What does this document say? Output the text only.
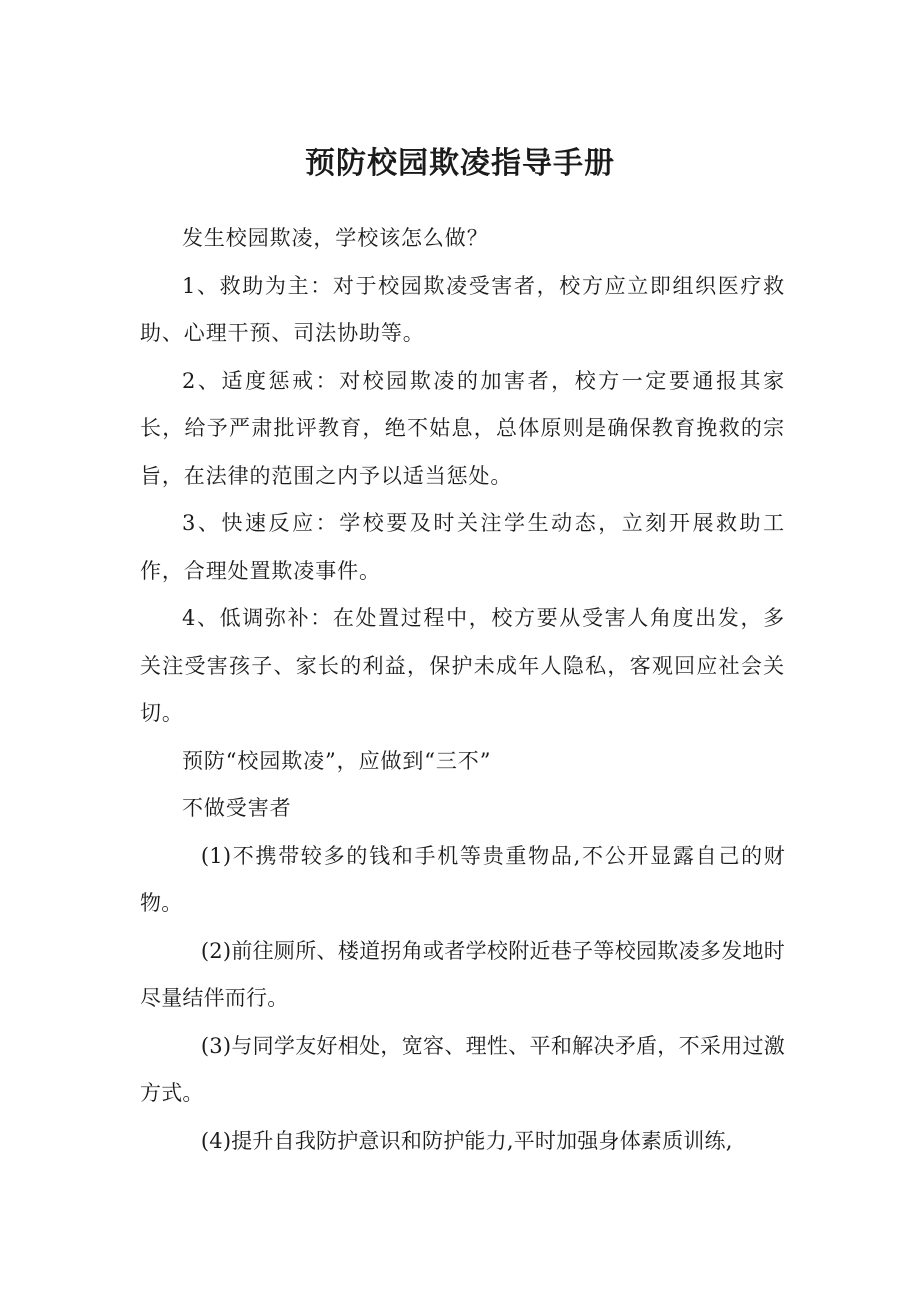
预防校园欺凌指导手册

发生校园欺凌，学校该怎么做？

1、救助为主：对于校园欺凌受害者，校方应立即组织医疗救助、心理干预、司法协助等。

2、适度惩戒：对校园欺凌的加害者，校方一定要通报其家长，给予严肃批评教育，绝不姑息，总体原则是确保教育挽救的宗旨，在法律的范围之内予以适当惩处。

3、快速反应：学校要及时关注学生动态，立刻开展救助工作，合理处置欺凌事件。

4、低调弥补：在处置过程中，校方要从受害人角度出发，多关注受害孩子、家长的利益，保护未成年人隐私，客观回应社会关切。

预防“校园欺凌”，应做到“三不”

不做受害者

(1)不携带较多的钱和手机等贵重物品,不公开显露自己的财物。

(2)前往厕所、楼道拐角或者学校附近巷子等校园欺凌多发地时尽量结伴而行。

(3)与同学友好相处，宽容、理性、平和解决矛盾，不采用过激方式。

(4)提升自我防护意识和防护能力,平时加强身体素质训练,
